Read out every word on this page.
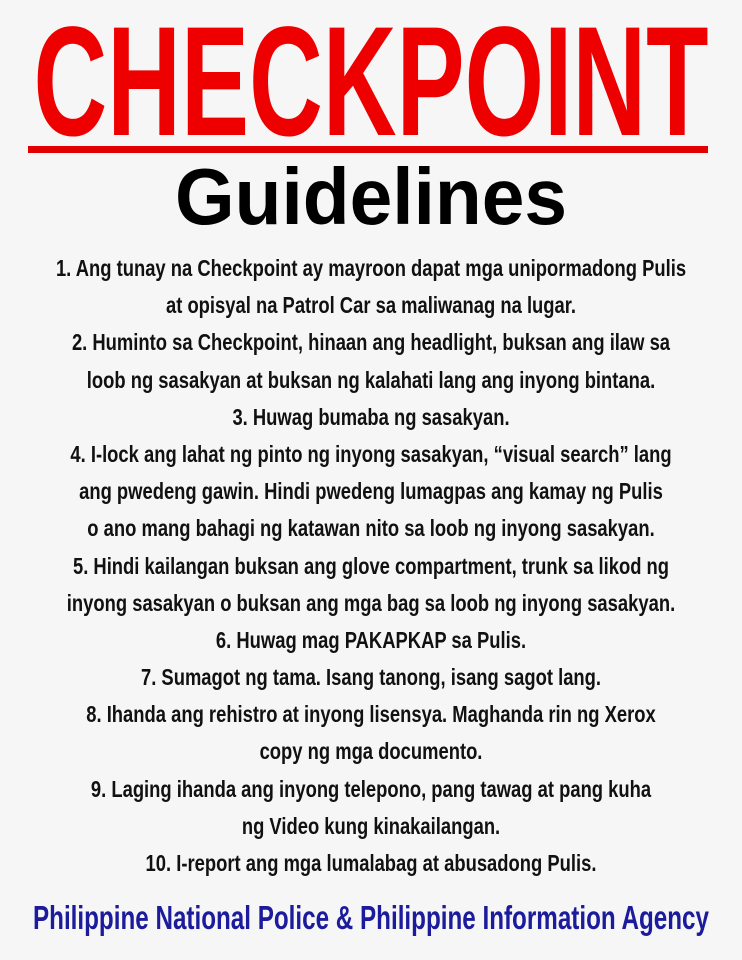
CHECKPOINT
Guidelines
1. Ang tunay na Checkpoint ay mayroon dapat mga unipormadong Pulis
at opisyal na Patrol Car sa maliwanag na lugar.
2. Huminto sa Checkpoint, hinaan ang headlight, buksan ang ilaw sa
loob ng sasakyan at buksan ng kalahati lang ang inyong bintana.
3. Huwag bumaba ng sasakyan.
4. I-lock ang lahat ng pinto ng inyong sasakyan, “visual search” lang
ang pwedeng gawin. Hindi pwedeng lumagpas ang kamay ng Pulis
o ano mang bahagi ng katawan nito sa loob ng inyong sasakyan.
5. Hindi kailangan buksan ang glove compartment, trunk sa likod ng
inyong sasakyan o buksan ang mga bag sa loob ng inyong sasakyan.
6. Huwag mag PAKAPKAP sa Pulis.
7. Sumagot ng tama. Isang tanong, isang sagot lang.
8. Ihanda ang rehistro at inyong lisensya. Maghanda rin ng Xerox
copy ng mga documento.
9. Laging ihanda ang inyong telepono, pang tawag at pang kuha
ng Video kung kinakailangan.
10. I-report ang mga lumalabag at abusadong Pulis.
Philippine National Police & Philippine Information Agency
